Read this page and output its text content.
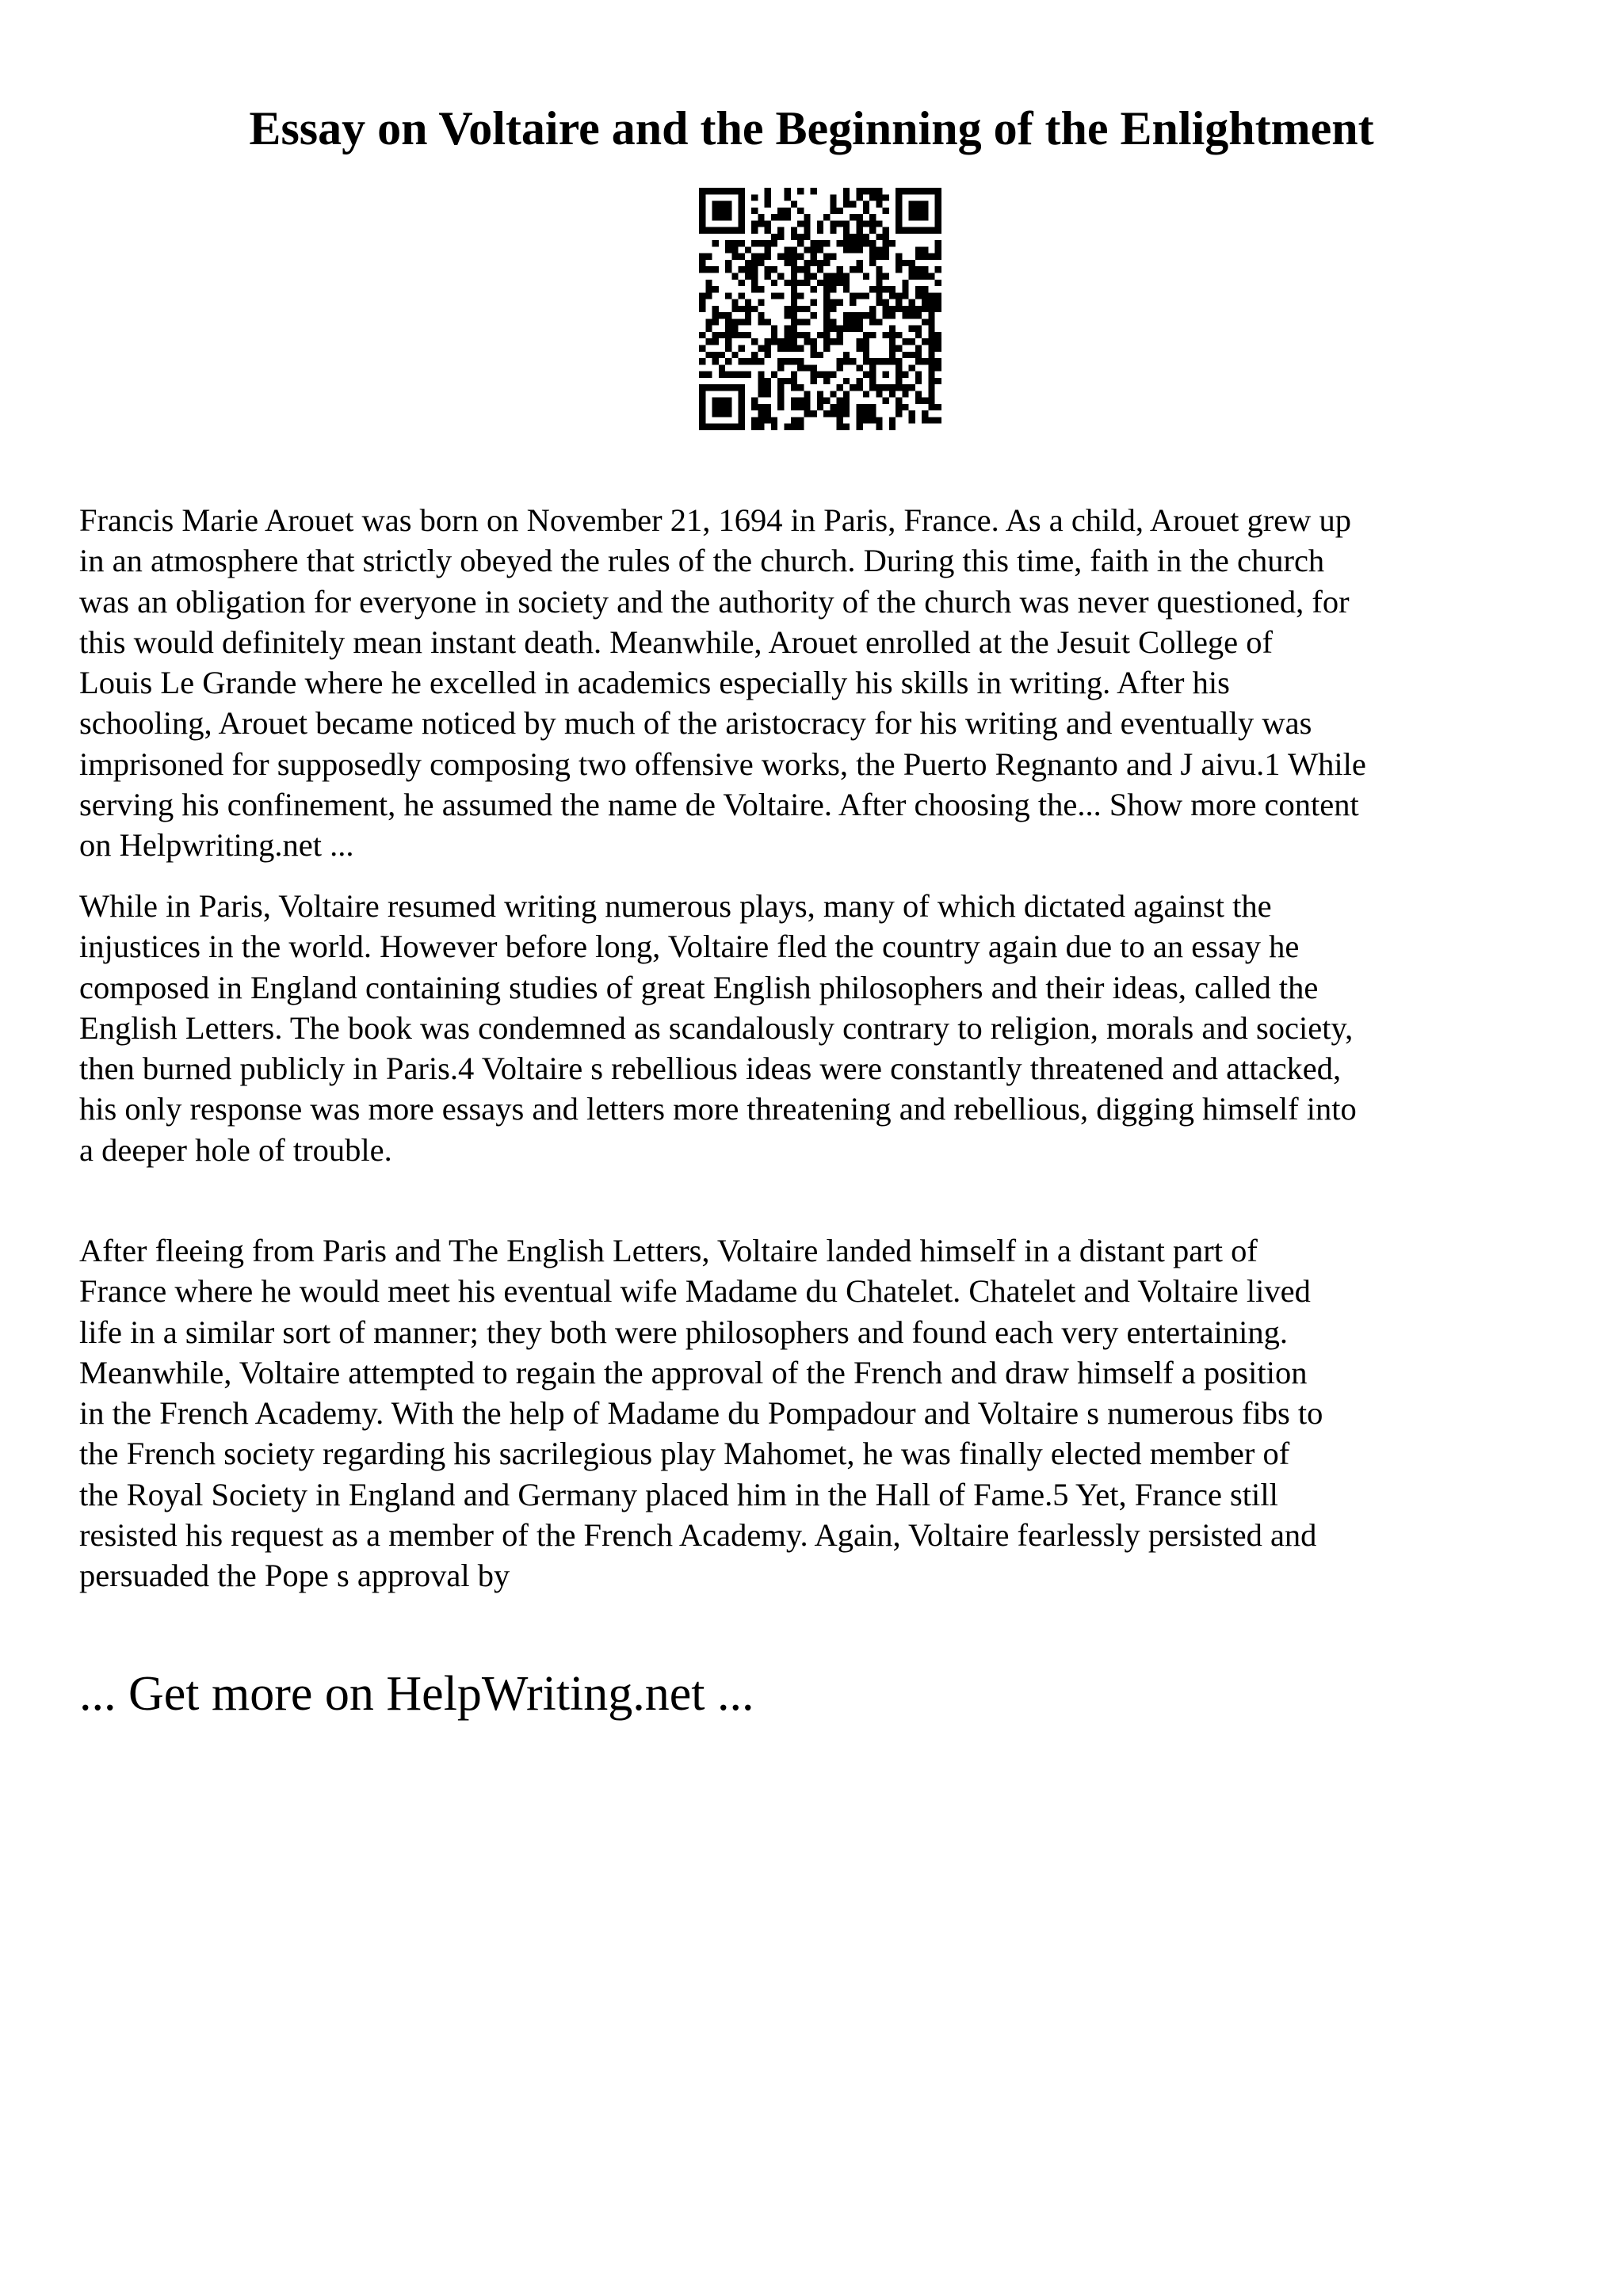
Essay on Voltaire and the Beginning of the Enlightment

Francis Marie Arouet was born on November 21, 1694 in Paris, France. As a child, Arouet grew up
in an atmosphere that strictly obeyed the rules of the church. During this time, faith in the church
was an obligation for everyone in society and the authority of the church was never questioned, for
this would definitely mean instant death. Meanwhile, Arouet enrolled at the Jesuit College of
Louis Le Grande where he excelled in academics especially his skills in writing. After his
schooling, Arouet became noticed by much of the aristocracy for his writing and eventually was
imprisoned for supposedly composing two offensive works, the Puerto Regnanto and J aivu.1 While
serving his confinement, he assumed the name de Voltaire. After choosing the... Show more content
on Helpwriting.net ...

While in Paris, Voltaire resumed writing numerous plays, many of which dictated against the
injustices in the world. However before long, Voltaire fled the country again due to an essay he
composed in England containing studies of great English philosophers and their ideas, called the
English Letters. The book was condemned as scandalously contrary to religion, morals and society,
then burned publicly in Paris.4 Voltaire s rebellious ideas were constantly threatened and attacked,
his only response was more essays and letters more threatening and rebellious, digging himself into
a deeper hole of trouble.

After fleeing from Paris and The English Letters, Voltaire landed himself in a distant part of
France where he would meet his eventual wife Madame du Chatelet. Chatelet and Voltaire lived
life in a similar sort of manner; they both were philosophers and found each very entertaining.
Meanwhile, Voltaire attempted to regain the approval of the French and draw himself a position
in the French Academy. With the help of Madame du Pompadour and Voltaire s numerous fibs to
the French society regarding his sacrilegious play Mahomet, he was finally elected member of
the Royal Society in England and Germany placed him in the Hall of Fame.5 Yet, France still
resisted his request as a member of the French Academy. Again, Voltaire fearlessly persisted and
persuaded the Pope s approval by

... Get more on HelpWriting.net ...
